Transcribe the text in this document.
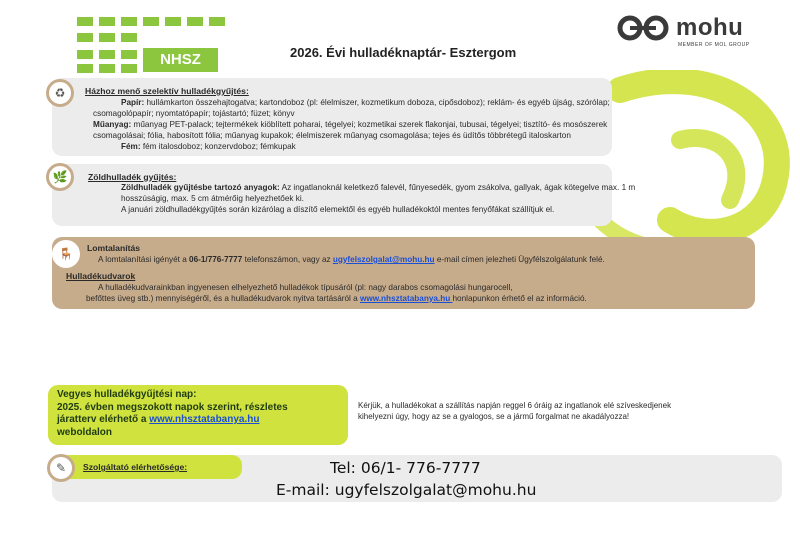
NHSZ	2026. Évi hulladéknaptár- Esztergom
mohu
MEMBER OF MOL GROUP
♻	Házhoz menő szelektív hulladékgyűjtés:
Papír: hullámkarton összehajtogatva; kartondoboz (pl: élelmiszer, kozmetikum doboza, cipősdoboz); reklám- és egyéb újság, szórólap;
csomagolópapír; nyomtatópapír; tojástartó; füzet; könyv
Műanyag: műanyag PET-palack; tejtermékek kiöblített poharai, tégelyei; kozmetikai szerek flakonjai, tubusai, tégelyei; tisztító- és mosószerek
csomagolásai; fólia, habosított fólia; műanyag kupakok; élelmiszerek műanyag csomagolása; tejes és üdítős többrétegű italoskarton
Fém: fém italosdoboz; konzervdoboz; fémkupak
🌿	Zöldhulladék gyűjtés:
Zöldhulladék gyűjtésbe tartozó anyagok: Az ingatlanoknál keletkező falevél, fűnyesedék, gyom zsákolva, gallyak, ágak kötegelve max. 1 m
hosszúságig, max. 5 cm átmérőig helyezhetőek ki.
A januári zöldhulladékgyűjtés során kizárólag a díszítő elemektől és egyéb hulladékoktól mentes fenyőfákat szállítjuk el.
🪑	Lomtalanítás
A lomtalanítási igényét a 06-1/776-7777 telefonszámon, vagy az ugyfelszolgalat@mohu.hu e-mail címen jelezheti Ügyfélszolgálatunk felé.
Hulladékudvarok
A hulladékudvarainkban ingyenesen elhelyezhető hulladékok típusáról (pl: nagy darabos csomagolási hungarocell,
befőttes üveg stb.) mennyiségéről, és a hulladékudvarok nyitva tartásáról a www.nhsztatabanya.hu honlapunkon érhető el az információ.
Vegyes hulladékgyűjtési nap:
2025. évben megszokott napok szerint, részletes
járatterv elérhető a www.nhsztatabanya.hu
weboldalon
Kérjük, a hulladékokat a szállítás napján reggel 6 óráig az ingatlanok elé szíveskedjenek
kihelyezni úgy, hogy az se a gyalogos, se a jármű forgalmat ne akadályozza!
✎	Szolgáltató elérhetősége:	Tel: 06/1- 776-7777
E-mail: ugyfelszolgalat@mohu.hu
